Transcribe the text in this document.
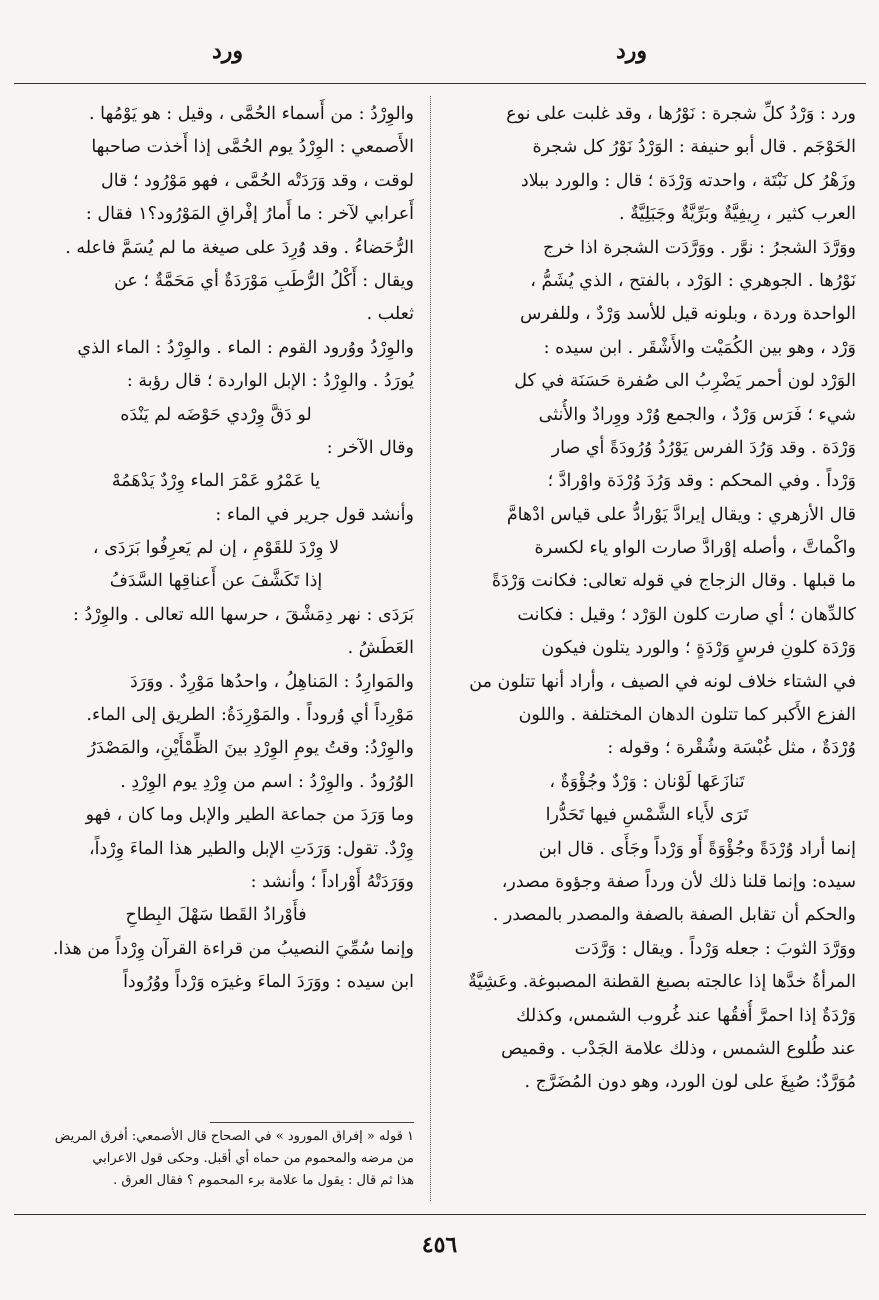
ورد	ورد
ورد : وَرْدُ كلِّ شجرة : نَوْرُها ، وقد غلبت على نوع
الحَوْجَم . قال أبو حنيفة : الوَرْدُ نَوْرُ كل شجرة
وزَهْرُ كل نَبْتَة ، واحدته وَرْدَة ؛ قال : والورد ببلاد
العرب كثير ، رِيفِيَّةٌ وبَرِّيَّةٌ وجَبَلِيَّةٌ .
ووَرَّدَ الشجرُ : نوَّر . ووَرَّدَت الشجرة اذا خرج
نَوْرُها . الجوهري : الوَرْد ، بالفتح ، الذي يُشَمُّ ،
الواحدة وردة ، وبلونه قيل للأسد وَرْدٌ ، وللفرس
وَرْد ، وهو بين الكُمَيْت والأَشْقَر . ابن سيده :
الوَرْد لون أحمر يَضْرِبُ الى صُفرة حَسَنَة في كل
شيء ؛ فَرَس وَرْدٌ ، والجمع وُرْد ووِرادٌ والأُنثى
وَرْدَة . وقد وَرُدَ الفرس يَوْرُدُ وُرُودَةً أي صار
وَرْداً . وفي المحكم : وقد وَرُدَ وُرْدَة واوْرادَّ ؛
قال الأزهري : ويقال إيرادَّ يَوْرادُّ على قياس ادْهامَّ
واكْماتَّ ، وأصله إوْرادَّ صارت الواو ياء لكسرة
ما قبلها . وقال الزجاج في قوله تعالى: فكانت وَرْدَةً
كالدِّهان ؛ أي صارت كلون الوَرْد ؛ وقيل : فكانت
وَرْدَة كلونِ فرسٍ وَرْدَةٍ ؛ والورد يتلون فيكون
في الشتاء خلاف لونه في الصيف ، وأراد أنها تتلون من
الفزع الأَكبر كما تتلون الدهان المختلفة . واللون
وُرْدَةٌ ، مثل غُبْسَة وشُقْرة ؛ وقوله :
تَنازَعَها لَوْنان : وَرْدٌ وجُؤْوَةٌ ،
تَرَى لأَياء الشَّمْسِ فيها تَحَدُّرا
إنما أراد وُرْدَةً وجُؤْوَةً أَو وَرْداً وجَأًى . قال ابن
سيده: وإنما قلنا ذلك لأن ورداً صفة وجؤوة مصدر،
والحكم أن تقابل الصفة بالصفة والمصدر بالمصدر .
ووَرَّدَ الثوبَ : جعله وَرْداً . ويقال : وَرَّدَت
المرأةُ خدَّها إذا عالجته بصبغ القطنة المصبوغة. وعَشِيَّةٌ
وَرْدَةٌ إذا احمرَّ أُفقُها عند غُروب الشمس، وكذلك
عند طُلوع الشمس ، وذلك علامة الجَدْب . وقميص
مُوَرَّدٌ: صُبِغَ على لون الورد، وهو دون المُضَرَّج .
والوِرْدُ : من أَسماء الحُمَّى ، وقيل : هو يَوْمُها .
الأَصمعي : الوِرْدُ يوم الحُمَّى إذا أَخذت صاحبها
لوقت ، وقد وَرَدَتْه الحُمَّى ، فهو مَوْرُود ؛ قال
أَعرابي لآخر : ما أَمارُ إفْراقِ المَوْرُود؟١ فقال :
الرُّحَضاءُ . وقد وُرِدَ على صيغة ما لم يُسَمَّ فاعله .
ويقال : أَكْلُ الرُّطَبِ مَوْرَدَةٌ أي مَحَمَّةٌ ؛ عن
ثعلب .
والوِرْدُ ووُرود القوم : الماء . والوِرْدُ : الماء الذي
يُورَدُ . والوِرْدُ : الإبل الواردة ؛ قال رؤبة :
لو دَقَّ وِرْدي حَوْضَه لم يَنْدَه
وقال الآخر :
يا عَمْرُو عَمْرَ الماء وِرْدٌ يَدْهَمُهْ
وأنشد قول جرير في الماء :
لا وِرْدَ للقَوْمِ ، إن لم يَعرِفُوا بَرَدَى ،
إذا تَكَشَّفَ عن أَعناقِها السَّدَفُ
بَرَدَى : نهر دِمَشْقَ ، حرسها الله تعالى . والوِرْدُ :
العَطَشُ .
والمَوارِدُ : المَناهِلُ ، واحدُها مَوْرِدٌ . ووَرَدَ
مَوْرِداً أي وُروداً . والمَوْرِدَةُ: الطريق إلى الماء.
والوِرْدُ: وقتُ يومِ الوِرْدِ بينَ الظِّمْأَيْنِ، والمَصْدَرُ
الوُرُودُ . والوِرْدُ : اسم من وِرْدِ يوم الوِرْدِ .
وما وَرَدَ من جماعة الطير والإبل وما كان ، فهو
وِرْدٌ. تقول: وَرَدَتِ الإبل والطير هذا الماءَ وِرْداً،
ووَرَدَتْهُ أَوْراداً ؛ وأنشد :
فأَوْرادُ القَطا سَهْلَ البِطاحِ
وإنما سُمِّيَ النصيبُ من قراءة القرآن وِرْداً من هذا.
ابن سيده : ووَرَدَ الماءَ وغيرَه وَرْداً ووُرُوداً
١ قوله « إفراق المورود » في الصحاح قال الأصمعي: أفرق المريض
من مرضه والمحموم من حماه أي أقبل. وحكى قول الاعرابي
هذا ثم قال : يقول ما علامة برء المحموم ؟ فقال العرق .
٤٥٦
